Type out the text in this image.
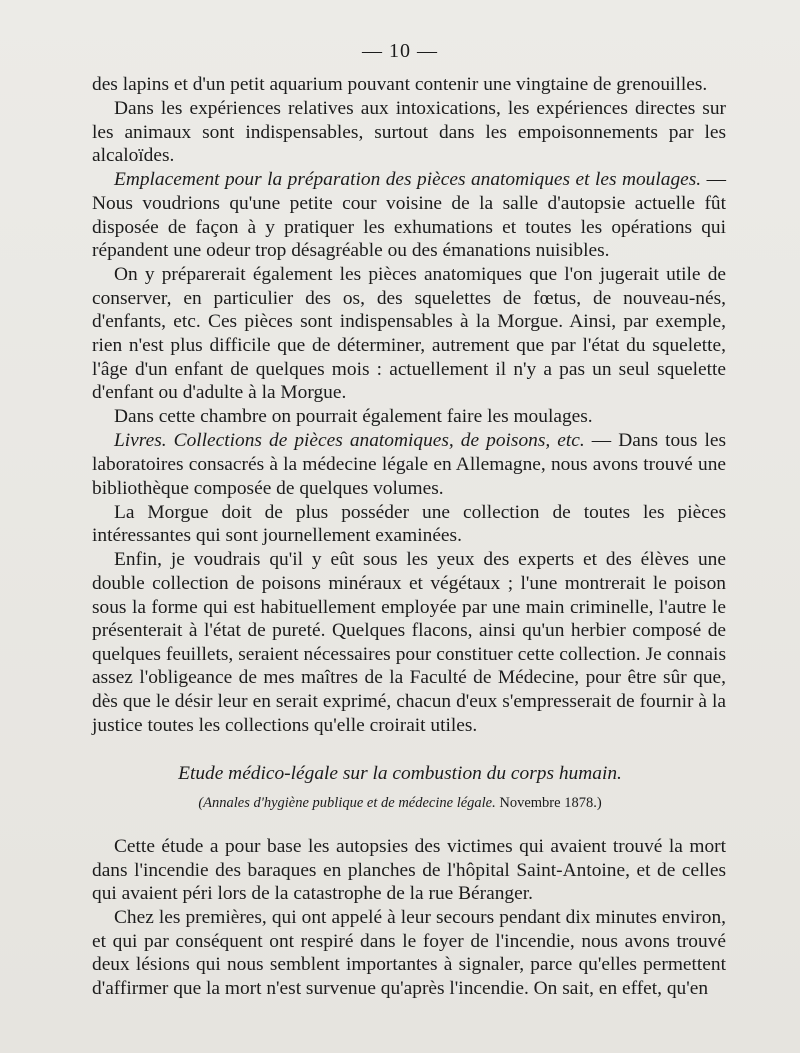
— 10 —

des lapins et d'un petit aquarium pouvant contenir une vingtaine de grenouilles.

Dans les expériences relatives aux intoxications, les expériences directes sur les animaux sont indispensables, surtout dans les empoisonnements par les alcaloïdes.

Emplacement pour la préparation des pièces anatomiques et les moulages. — Nous voudrions qu'une petite cour voisine de la salle d'autopsie actuelle fût disposée de façon à y pratiquer les exhumations et toutes les opérations qui répandent une odeur trop désagréable ou des émanations nuisibles.

On y préparerait également les pièces anatomiques que l'on jugerait utile de conserver, en particulier des os, des squelettes de fœtus, de nouveau-nés, d'enfants, etc. Ces pièces sont indispensables à la Morgue. Ainsi, par exemple, rien n'est plus difficile que de déterminer, autrement que par l'état du squelette, l'âge d'un enfant de quelques mois : actuellement il n'y a pas un seul squelette d'enfant ou d'adulte à la Morgue.

Dans cette chambre on pourrait également faire les moulages.

Livres. Collections de pièces anatomiques, de poisons, etc. — Dans tous les laboratoires consacrés à la médecine légale en Allemagne, nous avons trouvé une bibliothèque composée de quelques volumes.

La Morgue doit de plus posséder une collection de toutes les pièces intéressantes qui sont journellement examinées.

Enfin, je voudrais qu'il y eût sous les yeux des experts et des élèves une double collection de poisons minéraux et végétaux ; l'une montrerait le poison sous la forme qui est habituellement employée par une main criminelle, l'autre le présenterait à l'état de pureté. Quelques flacons, ainsi qu'un herbier composé de quelques feuillets, seraient nécessaires pour constituer cette collection. Je connais assez l'obligeance de mes maîtres de la Faculté de Médecine, pour être sûr que, dès que le désir leur en serait exprimé, chacun d'eux s'empresserait de fournir à la justice toutes les collections qu'elle croirait utiles.

Etude médico-légale sur la combustion du corps humain.
(Annales d'hygiène publique et de médecine légale. Novembre 1878.)

Cette étude a pour base les autopsies des victimes qui avaient trouvé la mort dans l'incendie des baraques en planches de l'hôpital Saint-Antoine, et de celles qui avaient péri lors de la catastrophe de la rue Béranger.

Chez les premières, qui ont appelé à leur secours pendant dix minutes environ, et qui par conséquent ont respiré dans le foyer de l'incendie, nous avons trouvé deux lésions qui nous semblent importantes à signaler, parce qu'elles permettent d'affirmer que la mort n'est survenue qu'après l'incendie. On sait, en effet, qu'en
